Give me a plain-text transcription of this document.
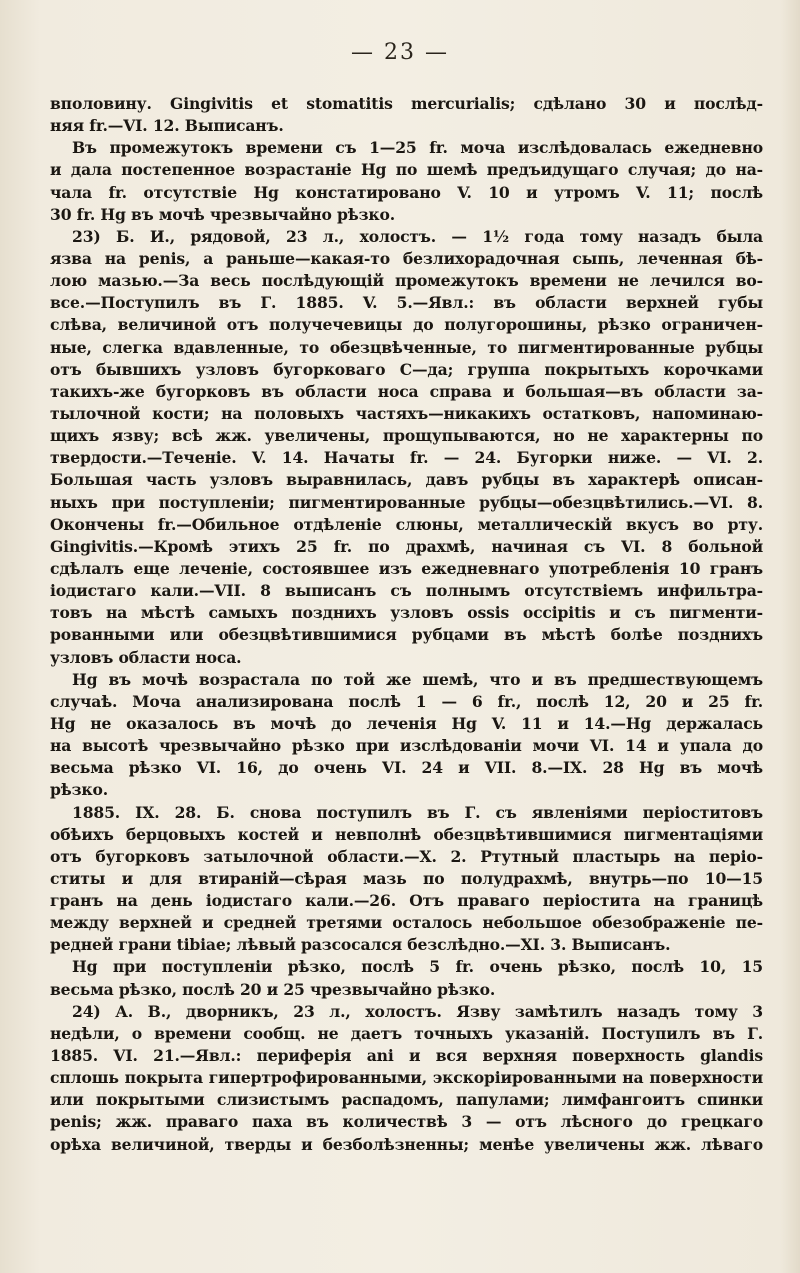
— 23 —
вполовину. Gingivitis et stomatitis mercurialis; сдѣлано 30 и послѣд-
няя fr.—VI. 12. Выписанъ.
Въ промежутокъ времени съ 1—25 fr. моча изслѣдовалась ежедневно
и дала постепенное возрастаніе Hg по шемѣ предъидущаго случая; до на-
чала fr. отсутствіе Hg констатировано V. 10 и утромъ V. 11; послѣ
30 fr. Hg въ мочѣ чрезвычайно рѣзко.
23) Б. И., рядовой, 23 л., холостъ. — 1½ года тому назадъ была
язва на penis, а раньше—какая-то безлихорадочная сыпь, леченная бѣ-
лою мазью.—За весь послѣдующій промежутокъ времени не лечился во-
все.—Поступилъ въ Г. 1885. V. 5.—Явл.: въ области верхней губы
слѣва, величиной отъ получечевицы до полугорошины, рѣзко ограничен-
ные, слегка вдавленные, то обезцвѣченные, то пигментированные рубцы
отъ бывшихъ узловъ бугорковаго С—да; группа покрытыхъ корочками
такихъ-же бугорковъ въ области носа справа и большая—въ области за-
тылочной кости; на половыхъ частяхъ—никакихъ остатковъ, напоминаю-
щихъ язву; всѣ жж. увеличены, прощупываются, но не характерны по
твердости.—Теченіе. V. 14. Начаты fr. — 24. Бугорки ниже. — VI. 2.
Большая часть узловъ выравнилась, давъ рубцы въ характерѣ описан-
ныхъ при поступленіи; пигментированные рубцы—обезцвѣтились.—VI. 8.
Окончены fr.—Обильное отдѣленіе слюны, металлическій вкусъ во рту.
Gingivitis.—Кромѣ этихъ 25 fr. по драхмѣ, начиная съ VI. 8 больной
сдѣлалъ еще леченіе, состоявшее изъ ежедневнаго употребленія 10 гранъ
іодистаго кали.—VII. 8 выписанъ съ полнымъ отсутствіемъ инфильтра-
товъ на мѣстѣ самыхъ позднихъ узловъ ossis occipitis и съ пигменти-
рованными или обезцвѣтившимися рубцами въ мѣстѣ болѣе позднихъ
узловъ области носа.
Hg въ мочѣ возрастала по той же шемѣ, что и въ предшествующемъ
случаѣ. Моча анализирована послѣ 1 — 6 fr., послѣ 12, 20 и 25 fr.
Hg не оказалось въ мочѣ до леченія Hg V. 11 и 14.—Hg держалась
на высотѣ чрезвычайно рѣзко при изслѣдованіи мочи VI. 14 и упала до
весьма рѣзко VI. 16, до очень VI. 24 и VII. 8.—IX. 28 Hg въ мочѣ
рѣзко.
1885. IX. 28. Б. снова поступилъ въ Г. съ явленіями періоститовъ
обѣихъ берцовыхъ костей и невполнѣ обезцвѣтившимися пигментаціями
отъ бугорковъ затылочной области.—X. 2. Ртутный пластырь на періо-
ститы и для втираній—сѣрая мазь по полудрахмѣ, внутрь—по 10—15
гранъ на день іодистаго кали.—26. Отъ праваго періостита на границѣ
между верхней и средней третями осталось небольшое обезображеніе пе-
редней грани tibiae; лѣвый разсосался безслѣдно.—XI. 3. Выписанъ.
Hg при поступленіи рѣзко, послѣ 5 fr. очень рѣзко, послѣ 10, 15
весьма рѣзко, послѣ 20 и 25 чрезвычайно рѣзко.
24) А. В., дворникъ, 23 л., холостъ. Язву замѣтилъ назадъ тому 3
недѣли, о времени сообщ. не даетъ точныхъ указаній. Поступилъ въ Г.
1885. VI. 21.—Явл.: периферія ani и вся верхняя поверхность glandis
сплошь покрыта гипертрофированными, экскоріированными на поверхности
или покрытыми слизистымъ распадомъ, папулами; лимфангоитъ спинки
penis; жж. праваго паха въ количествѣ 3 — отъ лѣсного до грецкаго
орѣха величиной, тверды и безболѣзненны; менѣе увеличены жж. лѣваго
